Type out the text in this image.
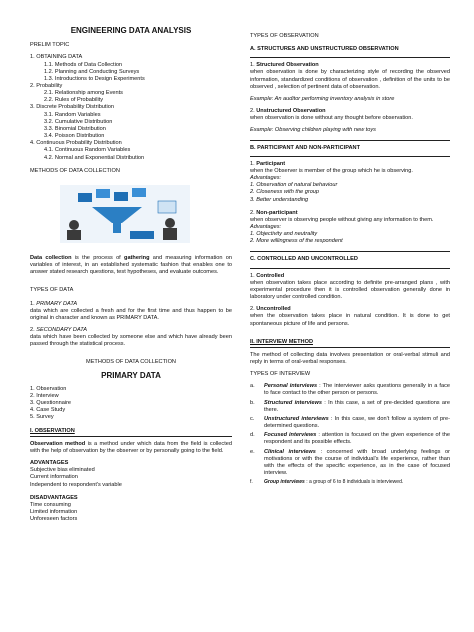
ENGINEERING DATA ANALYSIS
PRELIM TOPIC
1. OBTAINING DATA
1.1. Methods of Data Collection
1.2. Planning and Conducting Surveys
1.3. Introductions to Design Experiments
2. Probability
2.1. Relationship among Events
2.2. Rules of Probability
3. Discrete Probability Distribution
3.1. Random Variables
3.2. Cumulative Distribution
3.3. Binomial Distribution
3.4. Poisson Distribution
4. Continuous Probability Distribution
4.1. Continuous Random Variables
4.2. Normal and Exponential Distribution
METHODS OF DATA COLLECTION
Data collection is the process of gathering and measuring information on variables of interest, in an established systematic fashion that enables one to answer stated research questions, test hypotheses, and evaluate outcomes.
TYPES OF DATA
1. PRIMARY DATA
data which are collected a fresh and for the first time and thus happen to be original in character and known as PRIMARY DATA.
2. SECONDARY DATA
data which have been collected by someone else and which have already been passed through the statistical process.
METHODS OF DATA COLLECTION
PRIMARY DATA
1. Observation
2. Interview
3. Questionnaire
4. Case Study
5. Survey
I. OBSERVATION
Observation method is a method under which data from the field is collected with the help of observation by the observer or by personally going to the field.
ADVANTAGES
Subjective bias eliminated
Current information
Independent to respondent's variable
DISADVANTAGES
Time consuming
Limited information
Unforeseen factors
TYPES OF OBSERVATION
A. STRUCTURES AND UNSTRUCTURED OBSERVATION
1. Structured Observation
when observation is done by characterizing style of recording the observed information, standardized conditions of observation , definition of the units to be observed , selection of pertinent data of observation.
Example: An auditor performing inventory analysis in store
2. Unstructured Observation
when observation is done without any thought before observation.
Example: Observing children playing with new toys
B. PARTICIPANT AND NON-PARTICIPANT
1. Participant
when the Observer is member of the group which he is observing.
Advantages:
1. Observation of natural behaviour
2. Closeness with the group
3. Better understanding
2. Non-participant
when observer is observing people without giving any information to them.
Advantages:
1. Objectivity and neutrality
2. More willingness of the respondent
C. CONTROLLED AND UNCONTROLLED
1. Controlled
when observation takes place according to definite pre-arranged plans , with experimental procedure then it is controlled observation generally done in laboratory under controlled condition.
2. Uncontrolled
when the observation takes place in natural condition. It is done to get spontaneous picture of life and persons.
II. INTERVIEW METHOD
The method of collecting data involves presentation or oral-verbal stimuli and reply in terms of oral-verbal responses.
TYPES OF INTERVIEW
a.	Personal interviews : The interviewer asks questions generally in a face to face contact to the other person or persons.
b.	Structured interviews : In this case, a set of pre-decided questions are there.
c.	Unstructured interviews : In this case, we don't follow a system of pre-determined questions.
d.	Focused interviews : attention is focused on the given experience of the respondent and its possible effects.
e.	Clinical interviews : concerned with broad underlying feelings or motivations or with the course of individual's life experience, rather than with the effects of the specific experience, as in the case of focused interview.
f.	Group interviews : a group of 6 to 8 individuals is interviewed.
